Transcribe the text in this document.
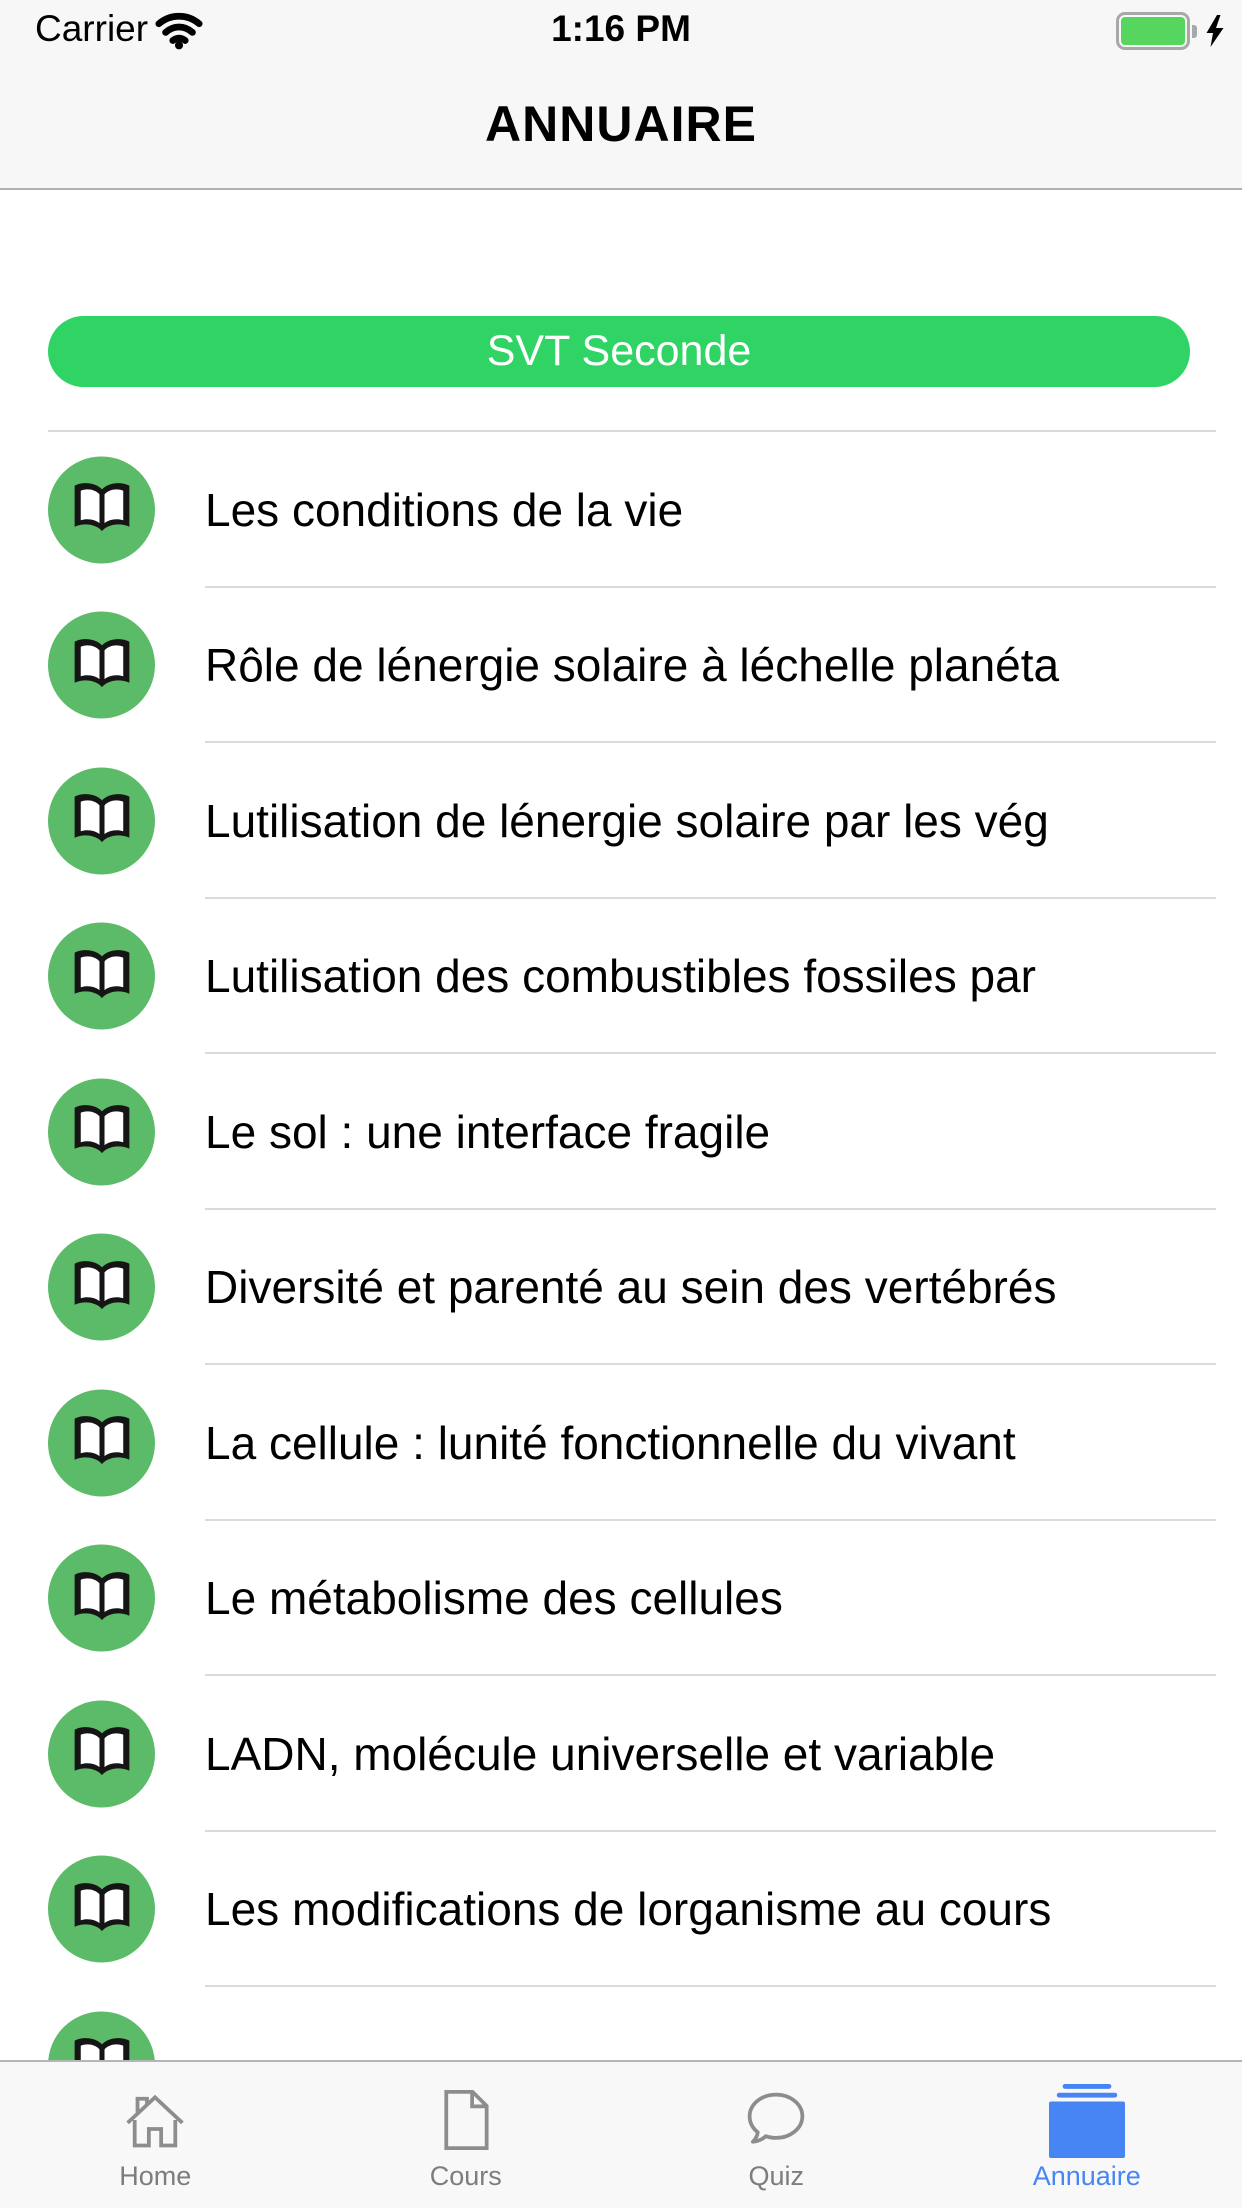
Carrier	1:16 PM
ANNUAIRE
SVT Seconde
Les conditions de la vie
Rôle de lénergie solaire à léchelle planéta
Lutilisation de lénergie solaire par les vég
Lutilisation des combustibles fossiles par
Le sol : une interface fragile
Diversité et parenté au sein des vertébrés
La cellule : lunité fonctionnelle du vivant
Le métabolisme des cellules
LADN, molécule universelle et variable
Les modifications de lorganisme au cours
Home	Cours	Quiz	Annuaire
